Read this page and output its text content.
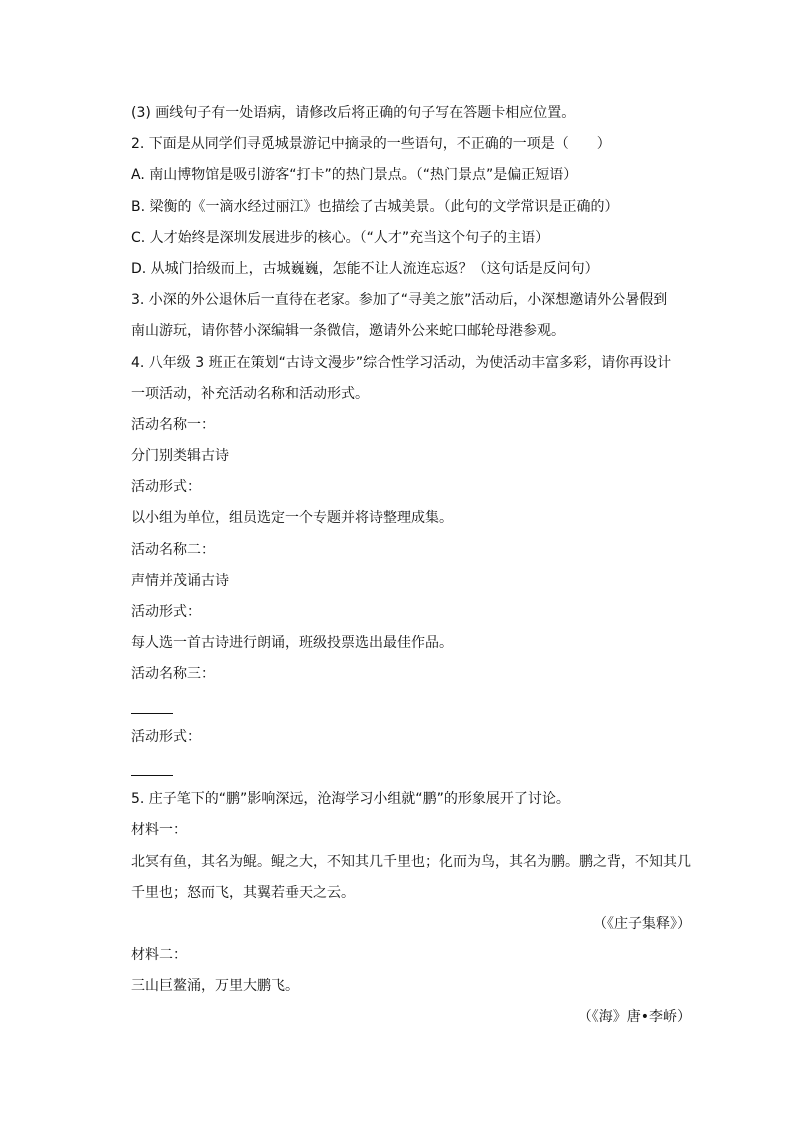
(3) 画线句子有一处语病，请修改后将正确的句子写在答题卡相应位置。
2. 下面是从同学们寻觅城景游记中摘录的一些语句，不正确的一项是（　　）
A. 南山博物馆是吸引游客“打卡”的热门景点。（“热门景点”是偏正短语）
B. 梁衡的《一滴水经过丽江》也描绘了古城美景。（此句的文学常识是正确的）
C. 人才始终是深圳发展进步的核心。（“人才”充当这个句子的主语）
D. 从城门拾级而上，古城巍巍，怎能不让人流连忘返？（这句话是反问句）
3. 小深的外公退休后一直待在老家。参加了“寻美之旅”活动后，小深想邀请外公暑假到
南山游玩，请你替小深编辑一条微信，邀请外公来蛇口邮轮母港参观。
4. 八年级 3 班正在策划“古诗文漫步”综合性学习活动，为使活动丰富多彩，请你再设计
一项活动，补充活动名称和活动形式。
活动名称一：
分门别类辑古诗
活动形式：
以小组为单位，组员选定一个专题并将诗整理成集。
活动名称二：
声情并茂诵古诗
活动形式：
每人选一首古诗进行朗诵，班级投票选出最佳作品。
活动名称三：
活动形式：
5. 庄子笔下的“鹏”影响深远，沧海学习小组就“鹏”的形象展开了讨论。
材料一：
北冥有鱼，其名为鲲。鲲之大，不知其几千里也；化而为鸟，其名为鹏。鹏之背，不知其几
千里也；怒而飞，其翼若垂天之云。
（《庄子集释》）
材料二：
三山巨鳌涌，万里大鹏飞。
（《海》唐•李峤）
